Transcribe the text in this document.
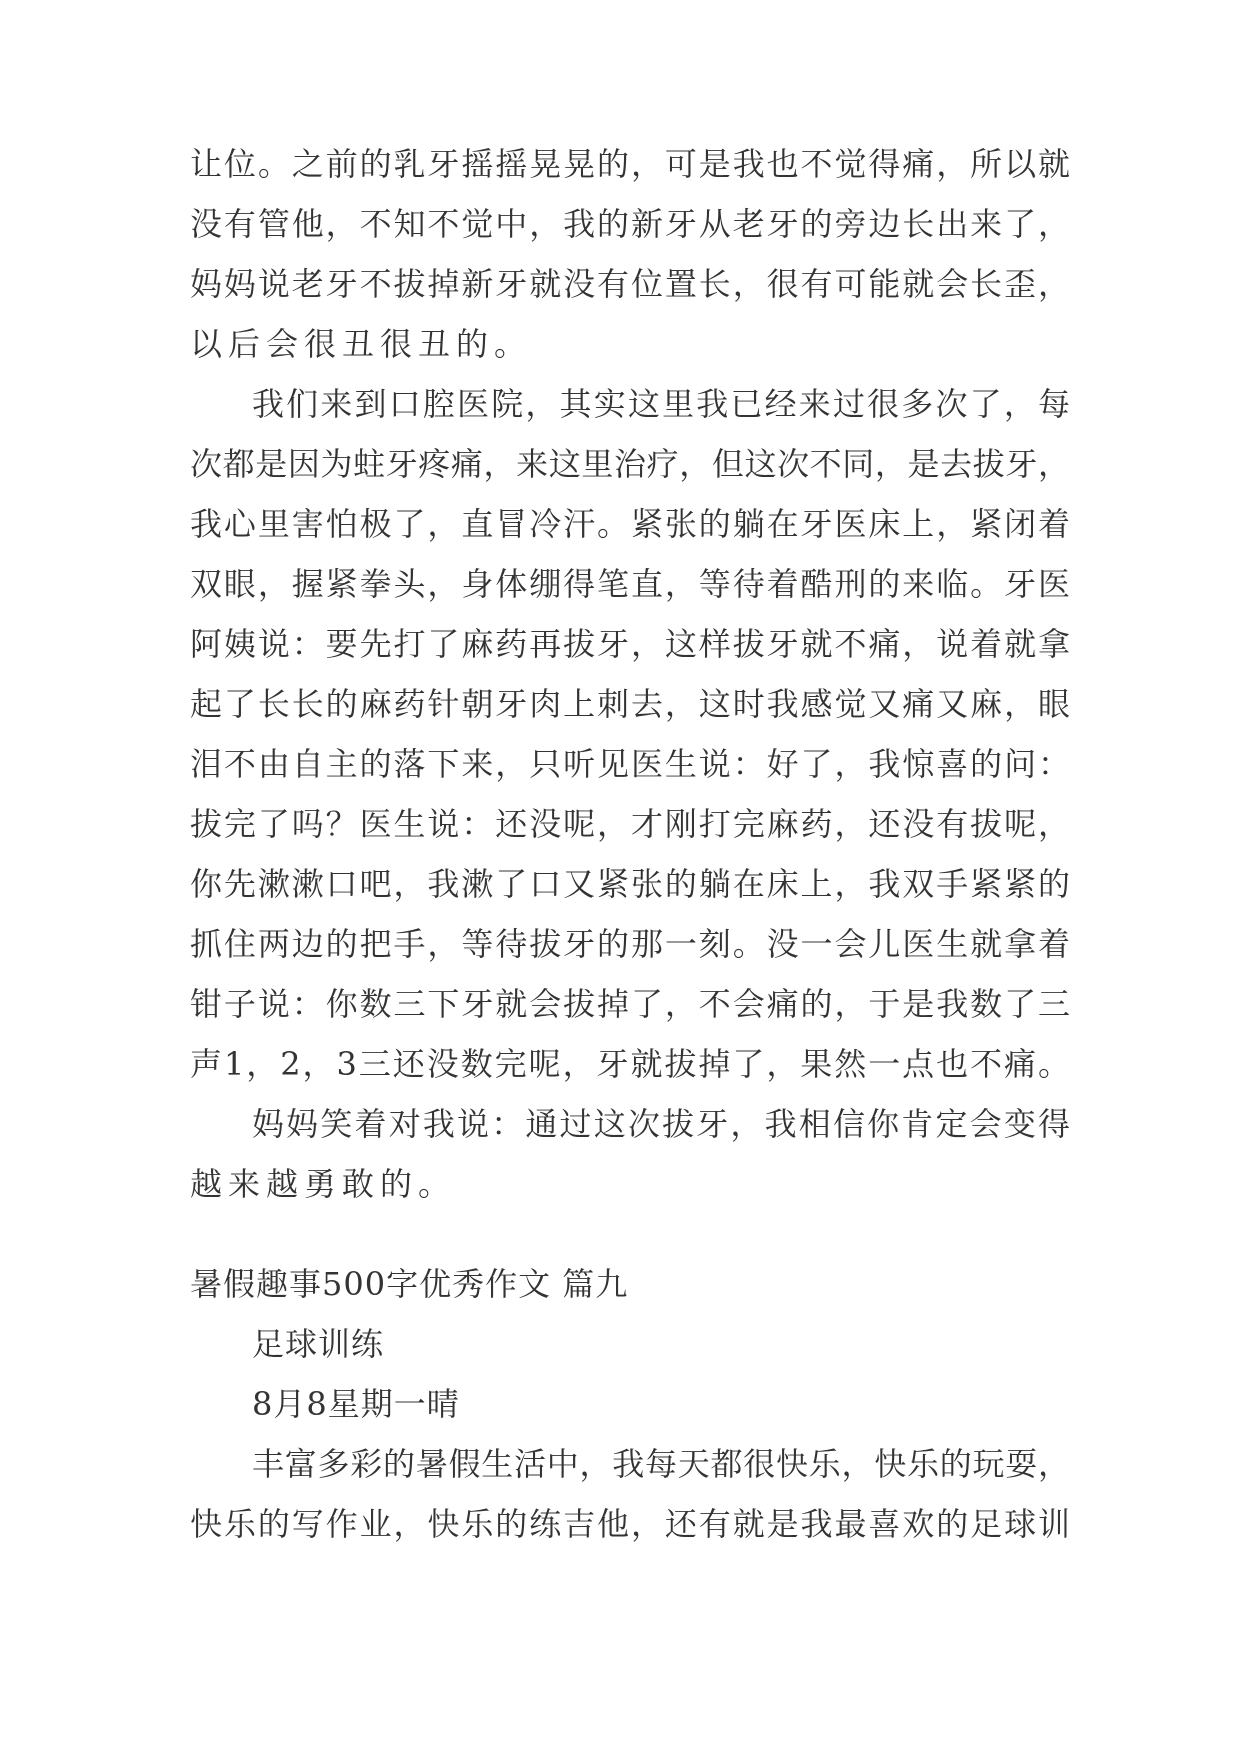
让位。之前的乳牙摇摇晃晃的，可是我也不觉得痛，所以就
没有管他，不知不觉中，我的新牙从老牙的旁边长出来了，
妈妈说老牙不拔掉新牙就没有位置长，很有可能就会长歪，
以后会很丑很丑的。
我们来到口腔医院，其实这里我已经来过很多次了，每
次都是因为蛀牙疼痛，来这里治疗，但这次不同，是去拔牙，
我心里害怕极了，直冒冷汗。紧张的躺在牙医床上，紧闭着
双眼，握紧拳头，身体绷得笔直，等待着酷刑的来临。牙医
阿姨说：要先打了麻药再拔牙，这样拔牙就不痛，说着就拿
起了长长的麻药针朝牙肉上刺去，这时我感觉又痛又麻，眼
泪不由自主的落下来，只听见医生说：好了，我惊喜的问：
拔完了吗？医生说：还没呢，才刚打完麻药，还没有拔呢，
你先漱漱口吧，我漱了口又紧张的躺在床上，我双手紧紧的
抓住两边的把手，等待拔牙的那一刻。没一会儿医生就拿着
钳子说：你数三下牙就会拔掉了，不会痛的，于是我数了三
声1，2，3三还没数完呢，牙就拔掉了，果然一点也不痛。
妈妈笑着对我说：通过这次拔牙，我相信你肯定会变得
越来越勇敢的。
暑假趣事500字优秀作文 篇九
足球训练
8月8星期一晴
丰富多彩的暑假生活中，我每天都很快乐，快乐的玩耍，
快乐的写作业，快乐的练吉他，还有就是我最喜欢的足球训
